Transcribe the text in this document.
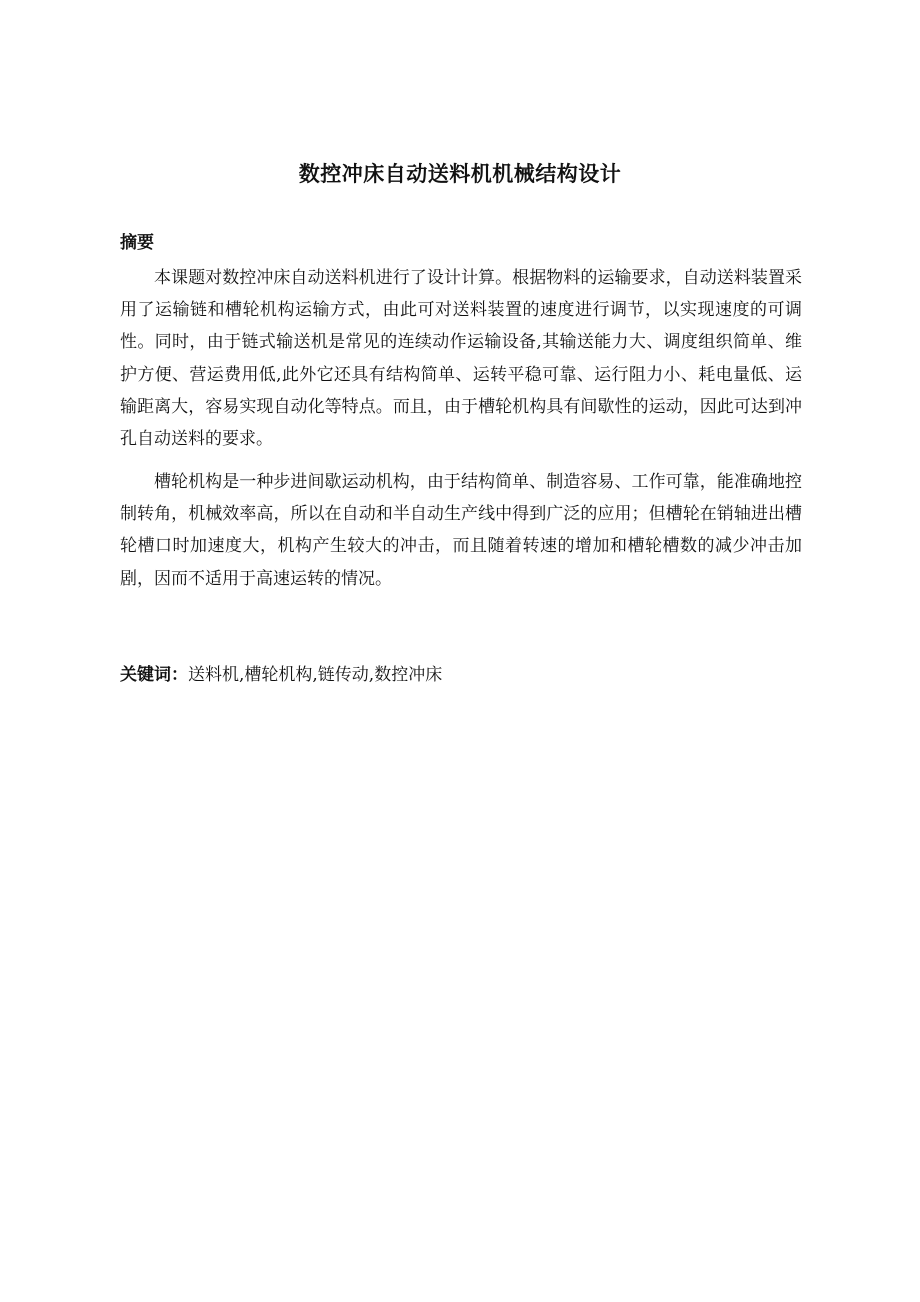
数控冲床自动送料机机械结构设计
摘要

本课题对数控冲床自动送料机进行了设计计算。根据物料的运输要求，自动送料装置采用了运输链和槽轮机构运输方式，由此可对送料装置的速度进行调节，以实现速度的可调性。同时，由于链式输送机是常见的连续动作运输设备,其输送能力大、调度组织简单、维护方便、营运费用低,此外它还具有结构简单、运转平稳可靠、运行阻力小、耗电量低、运输距离大，容易实现自动化等特点。而且，由于槽轮机构具有间歇性的运动，因此可达到冲孔自动送料的要求。

槽轮机构是一种步进间歇运动机构，由于结构简单、制造容易、工作可靠，能准确地控制转角，机械效率高，所以在自动和半自动生产线中得到广泛的应用；但槽轮在销轴进出槽轮槽口时加速度大，机构产生较大的冲击，而且随着转速的增加和槽轮槽数的减少冲击加剧，因而不适用于高速运转的情况。

关键词：送料机,槽轮机构,链传动,数控冲床
